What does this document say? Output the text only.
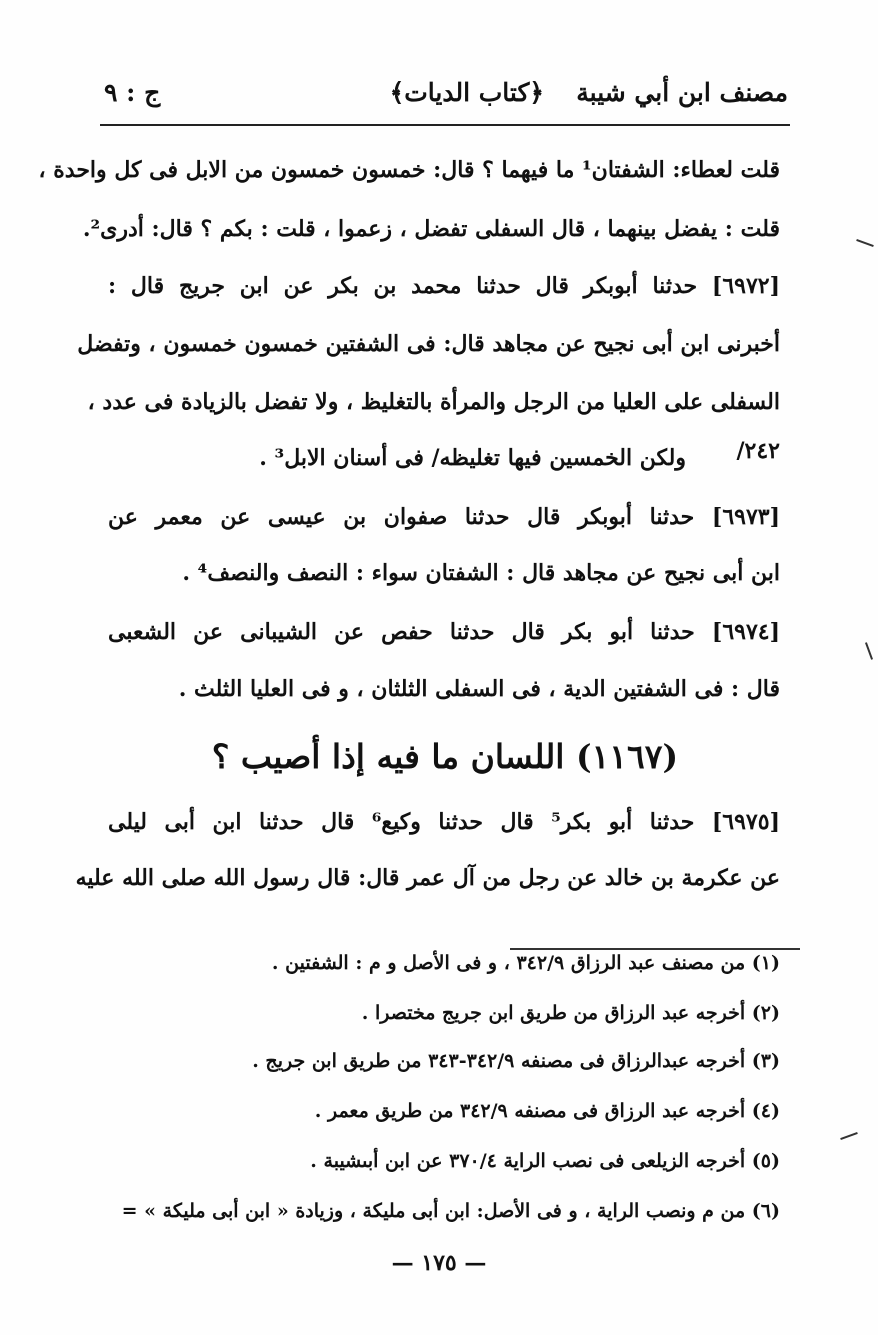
مصنف ابن أبي شيبة
﴿كتاب الديات﴾
ج : ٩
قلت لعطاء: الشفتان¹ ما فيهما ؟ قال: خمسون خمسون من الابل فى كل واحدة ،
قلت : يفضل بينهما ، قال السفلى تفضل ، زعموا ، قلت : بكم ؟ قال: أدرى².
[٦٩٧٢] حدثنا أبوبكر قال حدثنا محمد بن بكر عن ابن جريج قال :
أخبرنى ابن أبى نجيح عن مجاهد قال: فى الشفتين خمسون خمسون ، وتفضل
السفلى على العليا من الرجل والمرأة بالتغليظ ، ولا تفضل بالزيادة فى عدد ،
ولكن الخمسين فيها تغليظه/ فى أسنان الابل³ . ٢٤٢/
[٦٩٧٣] حدثنا أبوبكر قال حدثنا صفوان بن عيسى عن معمر عن
ابن أبى نجيح عن مجاهد قال : الشفتان سواء : النصف والنصف⁴ .
[٦٩٧٤] حدثنا أبو بكر قال حدثنا حفص عن الشيبانى عن الشعبى
قال : فى الشفتين الدية ، فى السفلى الثلثان ، و فى العليا الثلث .
(١١٦٧) اللسان ما فيه إذا أصيب ؟
[٦٩٧٥] حدثنا أبو بكر⁵ قال حدثنا وكيع⁶ قال حدثنا ابن أبى ليلى
عن عكرمة بن خالد عن رجل من آل عمر قال: قال رسول الله صلى الله عليه
(١) من مصنف عبد الرزاق ٣٤٢/٩ ، و فى الأصل و م : الشفتين .
(٢) أخرجه عبد الرزاق من طريق ابن جريج مختصرا .
(٣) أخرجه عبدالرزاق فى مصنفه ٣٤٢/٩-٣٤٣ من طريق ابن جريج .
(٤) أخرجه عبد الرزاق فى مصنفه ٣٤٢/٩ من طريق معمر .
(٥) أخرجه الزيلعى فى نصب الراية ٣٧٠/٤ عن ابن أبىشيبة .
(٦) من م ونصب الراية ، و فى الأصل: ابن أبى مليكة ، وزيادة « ابن أبى مليكة » =
— ١٧٥ —
